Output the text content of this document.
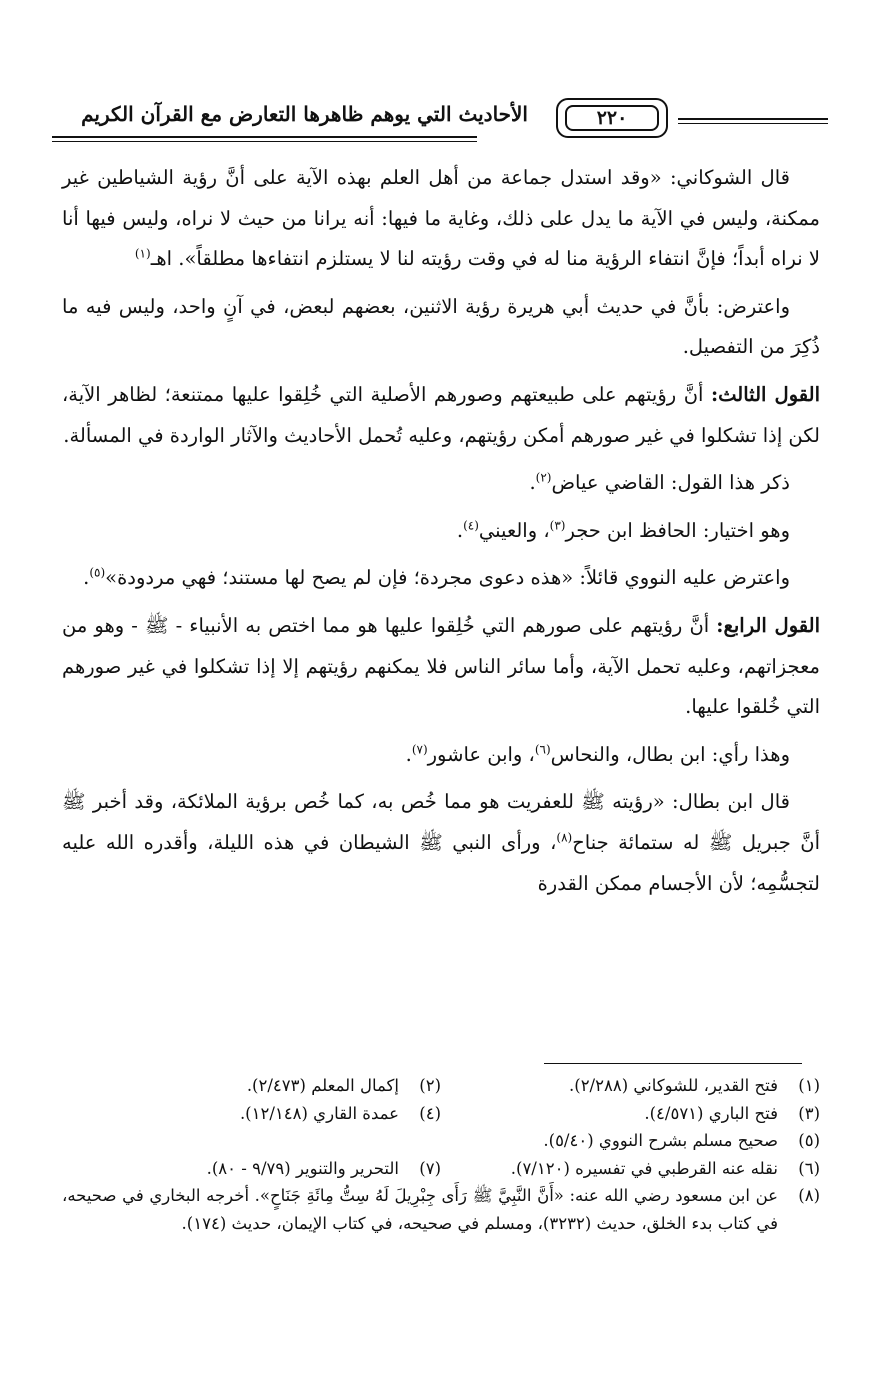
الأحاديث التي يوهم ظاهرها التعارض مع القرآن الكريم	٢٢٠

قال الشوكاني: «وقد استدل جماعة من أهل العلم بهذه الآية على أنَّ رؤية الشياطين غير ممكنة، وليس في الآية ما يدل على ذلك، وغاية ما فيها: أنه يرانا من حيث لا نراه، وليس فيها أنا لا نراه أبداً؛ فإنَّ انتفاء الرؤية منا له في وقت رؤيته لنا لا يستلزم انتفاءها مطلقاً». اهـ$^{(١)}$

واعترض: بأنَّ في حديث أبي هريرة رؤية الاثنين، بعضهم لبعض، في آنٍ واحد، وليس فيه ما ذُكِرَ من التفصيل.

القول الثالث: أنَّ رؤيتهم على طبيعتهم وصورهم الأصلية التي خُلِقوا عليها ممتنعة؛ لظاهر الآية، لكن إذا تشكلوا في غير صورهم أمكن رؤيتهم، وعليه تُحمل الأحاديث والآثار الواردة في المسألة.

ذكر هذا القول: القاضي عياض$^{(٢)}$.

وهو اختيار: الحافظ ابن حجر$^{(٣)}$، والعيني$^{(٤)}$.

واعترض عليه النووي قائلاً: «هذه دعوى مجردة؛ فإن لم يصح لها مستند؛ فهي مردودة»$^{(٥)}$.

القول الرابع: أنَّ رؤيتهم على صورهم التي خُلِقوا عليها هو مما اختص به الأنبياء - ﷺ - وهو من معجزاتهم، وعليه تحمل الآية، وأما سائر الناس فلا يمكنهم رؤيتهم إلا إذا تشكلوا في غير صورهم التي خُلقوا عليها.

وهذا رأي: ابن بطال، والنحاس$^{(٦)}$، وابن عاشور$^{(٧)}$.

قال ابن بطال: «رؤيته ﷺ للعفريت هو مما خُص به، كما خُص برؤية الملائكة، وقد أخبر ﷺ أنَّ جبريل ﷺ له ستمائة جناح$^{(٨)}$، ورأى النبي ﷺ الشيطان في هذه الليلة، وأقدره الله عليه لتجسُّمِه؛ لأن الأجسام ممكن القدرة

(١)
فتح القدير، للشوكاني (٢/٢٨٨).
(٢)
إكمال المعلم (٢/٤٧٣).
(٣)
فتح الباري (٤/٥٧١).
(٤)
عمدة القاري (١٢/١٤٨).
(٥)
صحيح مسلم بشرح النووي (٥/٤٠).
(٦)
نقله عنه القرطبي في تفسيره (٧/١٢٠).
(٧)
التحرير والتنوير (٩/٧٩ - ٨٠).
(٨)
عن ابن مسعود رضي الله عنه: «أَنَّ النَّبِيَّ ﷺ رَأَى جِبْرِيلَ لَهُ سِتُّ مِائَةِ جَنَاحٍ». أخرجه البخاري في صحيحه، في كتاب بدء الخلق، حديث (٣٢٣٢)، ومسلم في صحيحه، في كتاب الإيمان، حديث (١٧٤).
